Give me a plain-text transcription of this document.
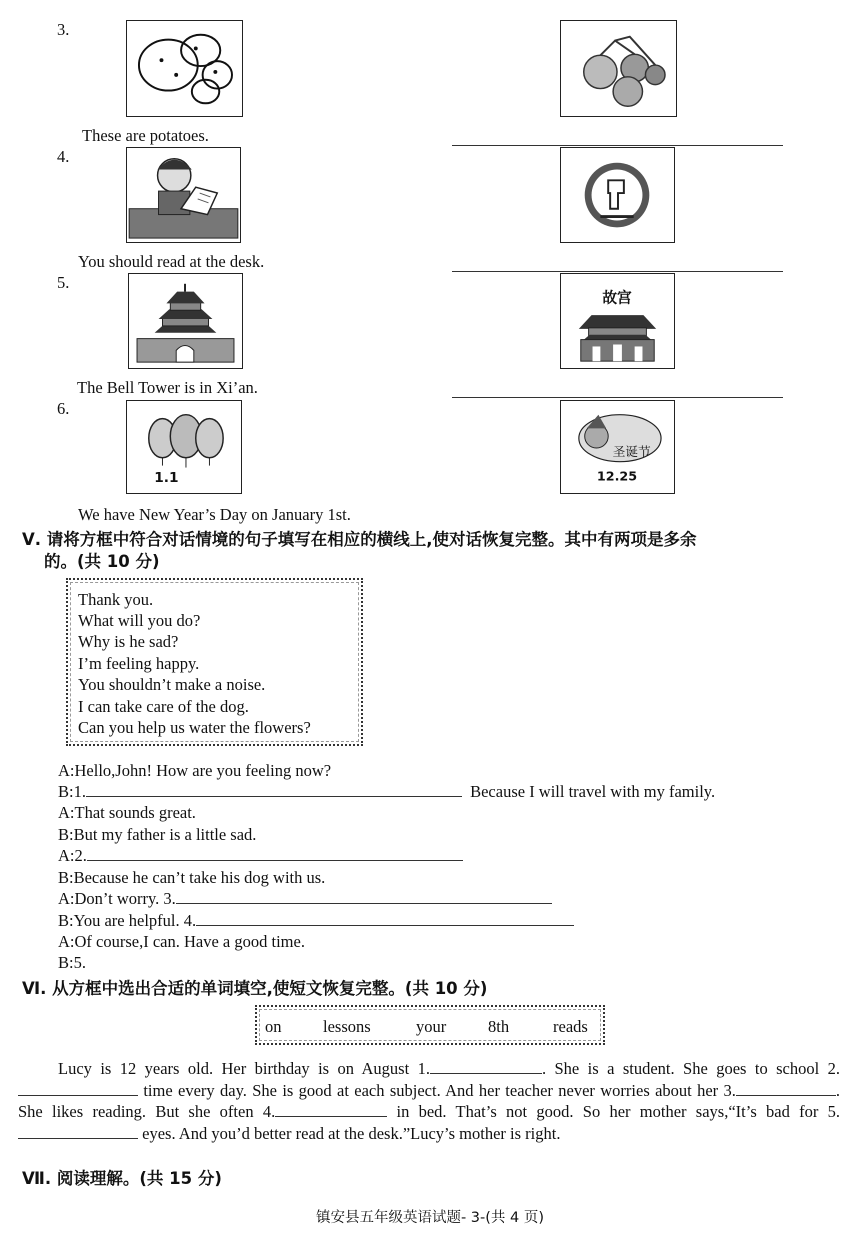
3.
These are potatoes.
4.
You should read at the desk.
5.
故宫
The Bell Tower is in Xi’an.
6.
1.1
圣诞节
12.25
We have New Year’s Day on January 1st.
Ⅴ. 请将方框中符合对话情境的句子填写在相应的横线上,使对话恢复完整。其中有两项是多余
的。(共 10 分)
Thank you.
What will you do?
Why is he sad?
I’m feeling happy.
You shouldn’t make a noise.
I can take care of the dog.
Can you help us water the flowers?
A:Hello,John! How are you feeling now?
B:1.	Because I will travel with my family.
A:That sounds great.
B:But my father is a little sad.
A:2.
B:Because he can’t take his dog with us.
A:Don’t worry. 3.
B:You are helpful. 4.
A:Of course,I can. Have a good time.
B:5.
Ⅵ. 从方框中选出合适的单词填空,使短文恢复完整。(共 10 分)
on	lessons	your	8th	reads
Lucy is 12 years old. Her birthday is on August 1.	. She is a student. She goes to school 2. time every day. She is good at each subject. And her teacher never worries about her 3.	. She likes reading. But she often 4.	in bed. That’s not good. So her mother says,“It’s bad for 5. eyes. And you’d better read at the desk.”Lucy’s mother is right.
Ⅶ. 阅读理解。(共 15 分)
镇安县五年级英语试题- 3-(共 4 页)
